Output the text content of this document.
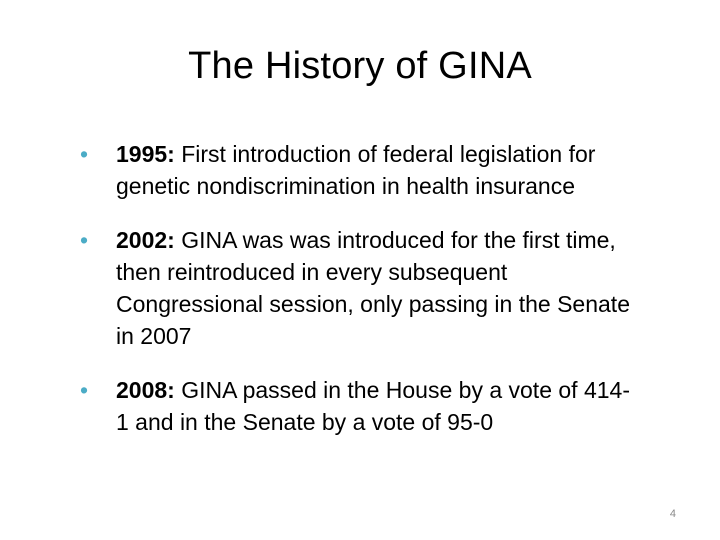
The History of GINA
• 1995: First introduction of federal legislation for genetic nondiscrimination in health insurance
• 2002: GINA was was introduced for the first time, then reintroduced in every subsequent Congressional session, only passing in the Senate in 2007
• 2008: GINA passed in the House by a vote of 414-1 and in the Senate by a vote of 95-0
4
